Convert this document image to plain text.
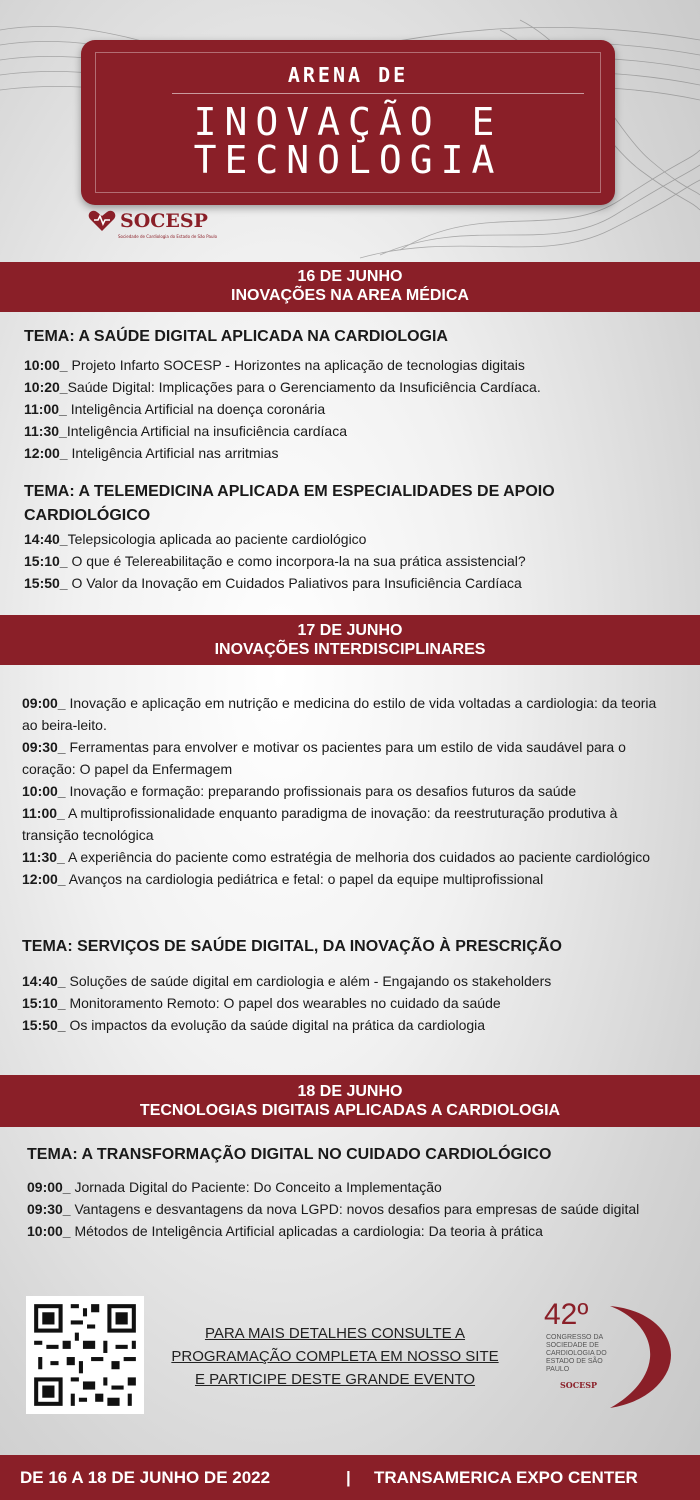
ARENA DE
INOVAÇÃO E
TECNOLOGIA
SOCESP
Sociedade de Cardiologia do Estado de São Paulo
16 DE JUNHO
INOVAÇÕES NA AREA MÉDICA
TEMA: A SAÚDE DIGITAL APLICADA NA CARDIOLOGIA

10:00_ Projeto Infarto SOCESP - Horizontes na aplicação de tecnologias digitais

10:20_Saúde Digital: Implicações para o Gerenciamento da Insuficiência Cardíaca.

11:00_ Inteligência Artificial na doença coronária

11:30_Inteligência Artificial na insuficiência cardíaca

12:00_ Inteligência Artificial nas arritmias

TEMA: A TELEMEDICINA APLICADA EM ESPECIALIDADES DE APOIO CARDIOLÓGICO

14:40_Telepsicologia aplicada ao paciente cardiológico

15:10_ O que é Telereabilitação e como incorpora-la na sua prática assistencial?

15:50_ O Valor da Inovação em Cuidados Paliativos para Insuficiência Cardíaca

17 DE JUNHO
INOVAÇÕES INTERDISCIPLINARES

09:00_ Inovação e aplicação em nutrição e medicina do estilo de vida voltadas a cardiologia: da teoria ao beira-leito.

09:30_ Ferramentas para envolver e motivar os pacientes para um estilo de vida saudável para o coração: O papel da Enfermagem

10:00_ Inovação e formação: preparando profissionais para os desafios futuros da saúde

11:00_ A multiprofissionalidade enquanto paradigma de inovação: da reestruturação produtiva à transição tecnológica

11:30_ A experiência do paciente como estratégia de melhoria dos cuidados ao paciente cardiológico

12:00_ Avanços na cardiologia pediátrica e fetal: o papel da equipe multiprofissional

TEMA: SERVIÇOS DE SAÚDE DIGITAL, DA INOVAÇÃO À PRESCRIÇÃO

14:40_ Soluções de saúde digital em cardiologia e além - Engajando os stakeholders

15:10_ Monitoramento Remoto: O papel dos wearables no cuidado da saúde

15:50_ Os impactos da evolução da saúde digital na prática da cardiologia

18 DE JUNHO
TECNOLOGIAS DIGITAIS APLICADAS A CARDIOLOGIA
TEMA: A TRANSFORMAÇÃO DIGITAL NO CUIDADO CARDIOLÓGICO

09:00_ Jornada Digital do Paciente: Do Conceito a Implementação

09:30_ Vantagens e desvantagens da nova LGPD: novos desafios para empresas de saúde digital

10:00_ Métodos de Inteligência Artificial aplicadas a cardiologia: Da teoria à prática

PARA MAIS DETALHES CONSULTE A
PROGRAMAÇÃO COMPLETA EM NOSSO SITE
E PARTICIPE DESTE GRANDE EVENTO
42º
CONGRESSO DA SOCIEDADE DE CARDIOLOGIA DO ESTADO DE SÃO PAULO
SOCESP
DE 16 A 18 DE JUNHO DE 2022	| TRANSAMERICA EXPO CENTER
